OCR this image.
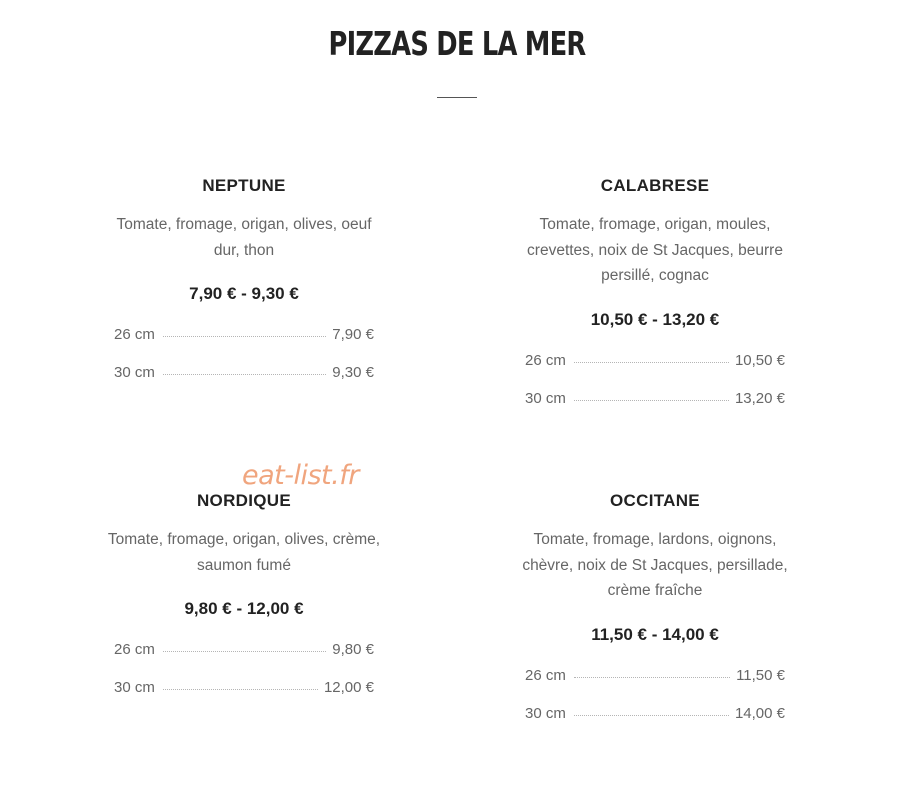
PIZZAS DE LA MER
NEPTUNE
Tomate, fromage, origan, olives, oeuf dur, thon
7,90 € - 9,30 €
26 cm	7,90 €
30 cm	9,30 €
CALABRESE
Tomate, fromage, origan, moules, crevettes, noix de St Jacques, beurre persillé, cognac
10,50 € - 13,20 €
26 cm	10,50 €
30 cm	13,20 €
NORDIQUE
Tomate, fromage, origan, olives, crème, saumon fumé
9,80 € - 12,00 €
26 cm	9,80 €
30 cm	12,00 €
OCCITANE
Tomate, fromage, lardons, oignons, chèvre, noix de St Jacques, persillade, crème fraîche
11,50 € - 14,00 €
26 cm	11,50 €
30 cm	14,00 €
eat-list.fr
